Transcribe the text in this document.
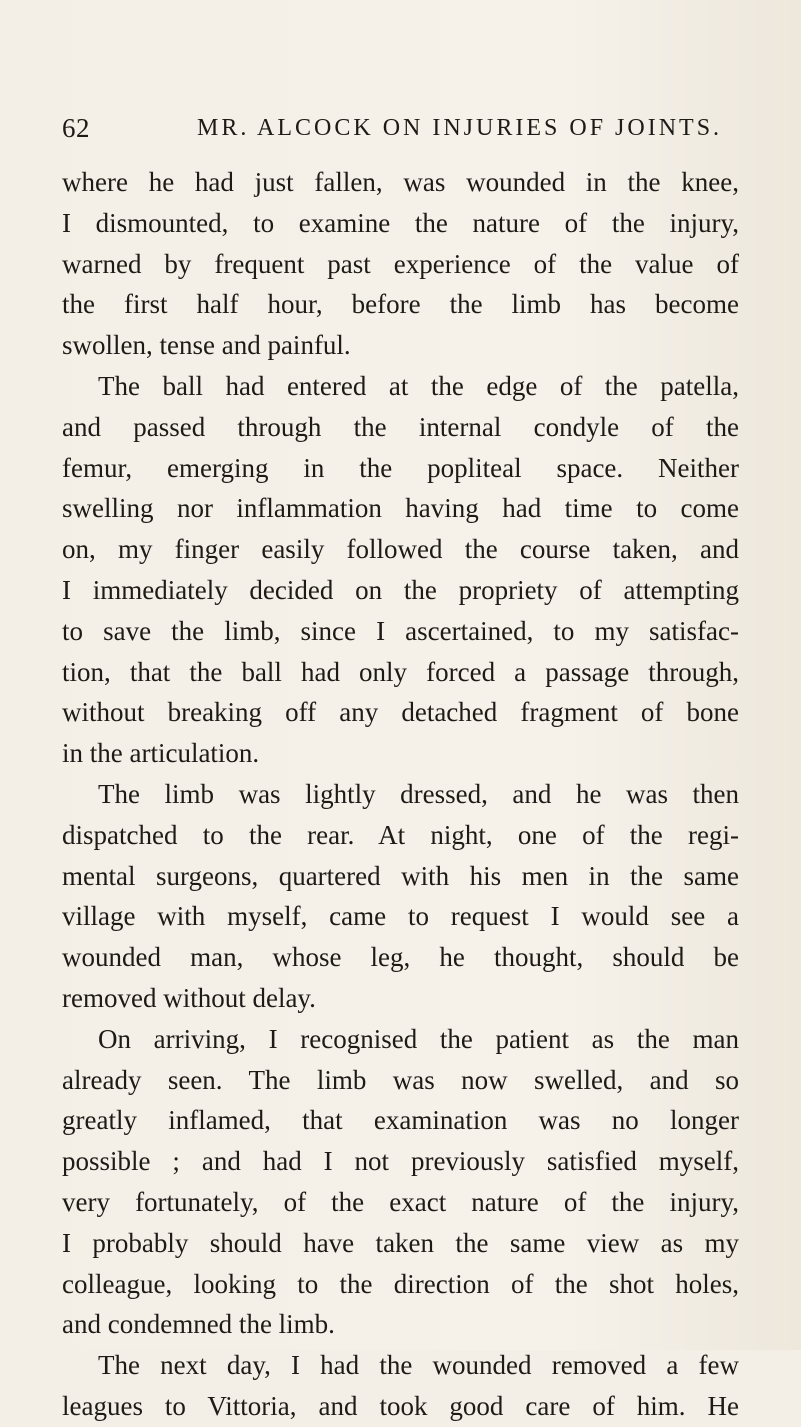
62	MR. ALCOCK ON INJURIES OF JOINTS.
where he had just fallen, was wounded in the knee,
I dismounted, to examine the nature of the injury,
warned by frequent past experience of the value of
the first half hour, before the limb has become
swollen, tense and painful.
The ball had entered at the edge of the patella,
and passed through the internal condyle of the
femur, emerging in the popliteal space. Neither
swelling nor inflammation having had time to come
on, my finger easily followed the course taken, and
I immediately decided on the propriety of attempting
to save the limb, since I ascertained, to my satisfac-
tion, that the ball had only forced a passage through,
without breaking off any detached fragment of bone
in the articulation.
The limb was lightly dressed, and he was then
dispatched to the rear. At night, one of the regi-
mental surgeons, quartered with his men in the same
village with myself, came to request I would see a
wounded man, whose leg, he thought, should be
removed without delay.
On arriving, I recognised the patient as the man
already seen. The limb was now swelled, and so
greatly inflamed, that examination was no longer
possible ; and had I not previously satisfied myself,
very fortunately, of the exact nature of the injury,
I probably should have taken the same view as my
colleague, looking to the direction of the shot holes,
and condemned the limb.
The next day, I had the wounded removed a few
leagues to Vittoria, and took good care of him. He
